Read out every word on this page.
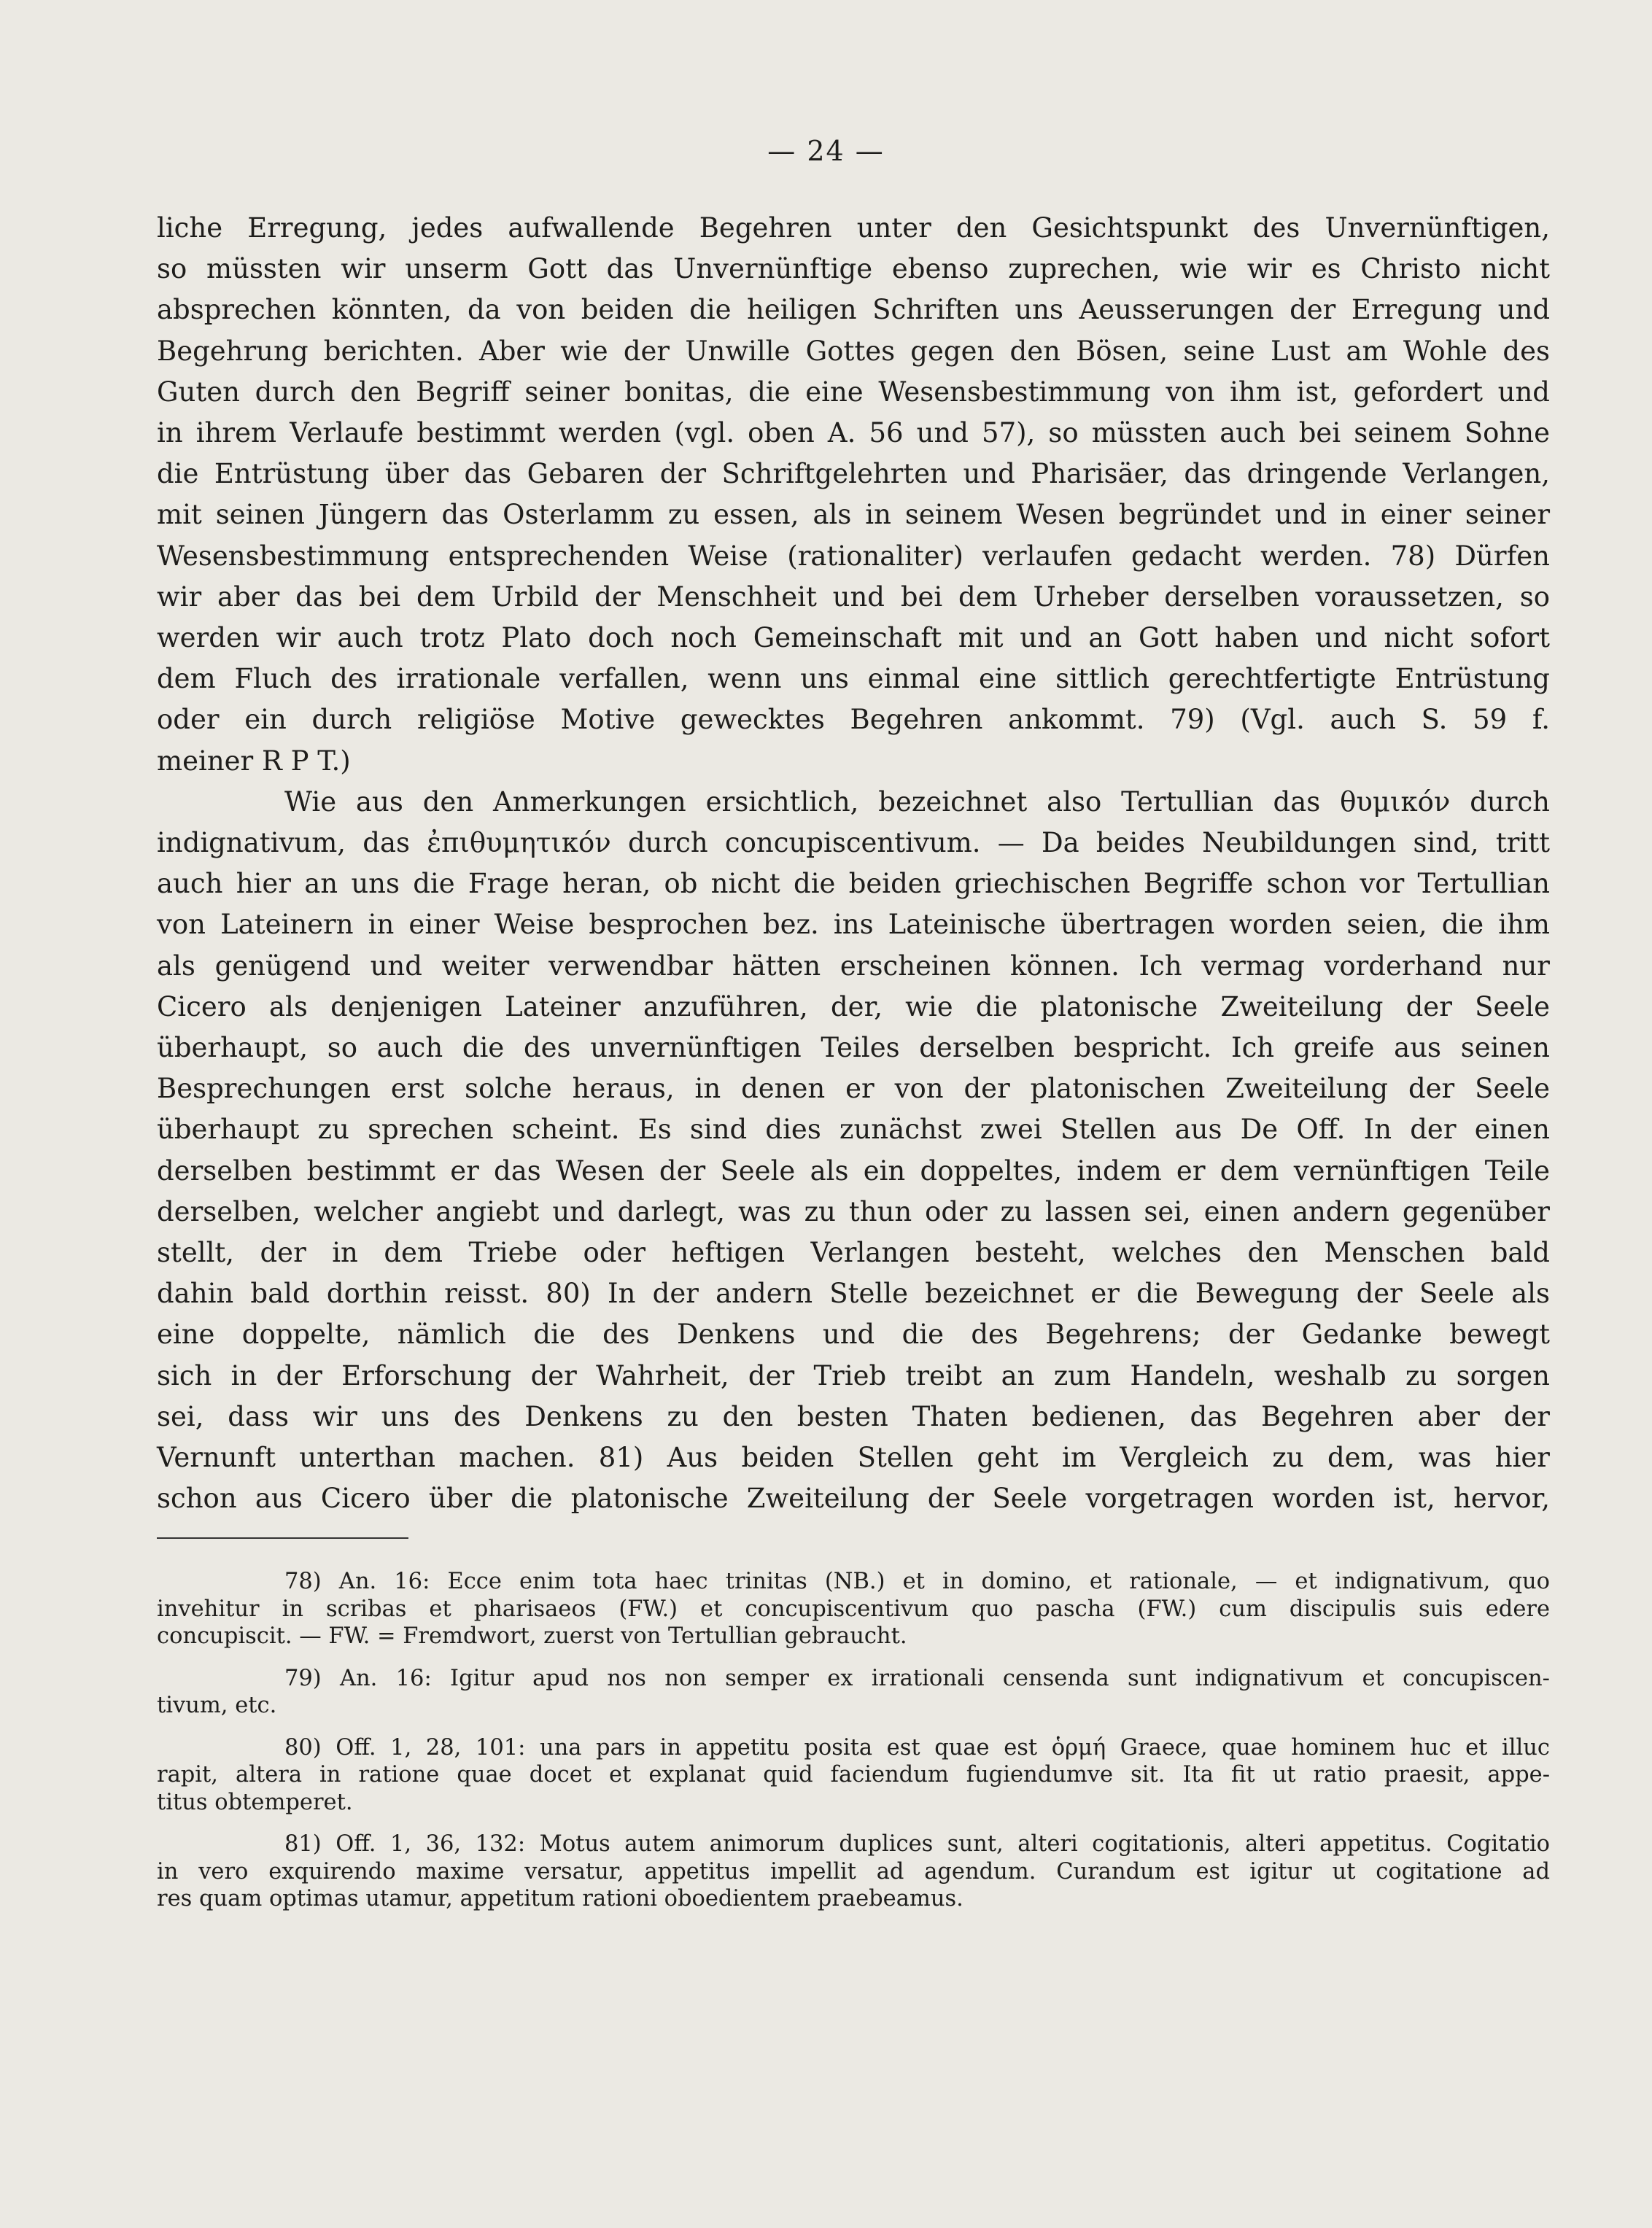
— 24 —
liche Erregung, jedes aufwallende Begehren unter den Gesichtspunkt des Unvernünftigen,
so müssten wir unserm Gott das Unvernünftige ebenso zuprechen, wie wir es Christo nicht
absprechen könnten, da von beiden die heiligen Schriften uns Aeusserungen der Erregung und
Begehrung berichten. Aber wie der Unwille Gottes gegen den Bösen, seine Lust am Wohle des
Guten durch den Begriff seiner bonitas, die eine Wesensbestimmung von ihm ist, gefordert und
in ihrem Verlaufe bestimmt werden (vgl. oben A. 56 und 57), so müssten auch bei seinem Sohne
die Entrüstung über das Gebaren der Schriftgelehrten und Pharisäer, das dringende Verlangen,
mit seinen Jüngern das Osterlamm zu essen, als in seinem Wesen begründet und in einer seiner
Wesensbestimmung entsprechenden Weise (rationaliter) verlaufen gedacht werden. 78) Dürfen
wir aber das bei dem Urbild der Menschheit und bei dem Urheber derselben voraussetzen, so
werden wir auch trotz Plato doch noch Gemeinschaft mit und an Gott haben und nicht sofort
dem Fluch des irrationale verfallen, wenn uns einmal eine sittlich gerechtfertigte Entrüstung
oder ein durch religiöse Motive gewecktes Begehren ankommt. 79) (Vgl. auch S. 59 f.
meiner R P T.)
Wie aus den Anmerkungen ersichtlich, bezeichnet also Tertullian das θυμικόν durch
indignativum, das ἐπιθυμητικόν durch concupiscentivum. — Da beides Neubildungen sind, tritt
auch hier an uns die Frage heran, ob nicht die beiden griechischen Begriffe schon vor Tertullian
von Lateinern in einer Weise besprochen bez. ins Lateinische übertragen worden seien, die ihm
als genügend und weiter verwendbar hätten erscheinen können. Ich vermag vorderhand nur
Cicero als denjenigen Lateiner anzuführen, der, wie die platonische Zweiteilung der Seele
überhaupt, so auch die des unvernünftigen Teiles derselben bespricht. Ich greife aus seinen
Besprechungen erst solche heraus, in denen er von der platonischen Zweiteilung der Seele
überhaupt zu sprechen scheint. Es sind dies zunächst zwei Stellen aus De Off. In der einen
derselben bestimmt er das Wesen der Seele als ein doppeltes, indem er dem vernünftigen Teile
derselben, welcher angiebt und darlegt, was zu thun oder zu lassen sei, einen andern gegenüber
stellt, der in dem Triebe oder heftigen Verlangen besteht, welches den Menschen bald
dahin bald dorthin reisst. 80) In der andern Stelle bezeichnet er die Bewegung der Seele als
eine doppelte, nämlich die des Denkens und die des Begehrens; der Gedanke bewegt
sich in der Erforschung der Wahrheit, der Trieb treibt an zum Handeln, weshalb zu sorgen
sei, dass wir uns des Denkens zu den besten Thaten bedienen, das Begehren aber der
Vernunft unterthan machen. 81) Aus beiden Stellen geht im Vergleich zu dem, was hier
schon aus Cicero über die platonische Zweiteilung der Seele vorgetragen worden ist, hervor,
78) An. 16: Ecce enim tota haec trinitas (NB.) et in domino, et rationale, — et indignativum, quo
invehitur in scribas et pharisaeos (FW.) et concupiscentivum quo pascha (FW.) cum discipulis suis edere
concupiscit. — FW. = Fremdwort, zuerst von Tertullian gebraucht.
79) An. 16: Igitur apud nos non semper ex irrationali censenda sunt indignativum et concupiscen-
tivum, etc.
80) Off. 1, 28, 101: una pars in appetitu posita est quae est ὁρμή Graece, quae hominem huc et illuc
rapit, altera in ratione quae docet et explanat quid faciendum fugiendumve sit. Ita fit ut ratio praesit, appe-
titus obtemperet.
81) Off. 1, 36, 132: Motus autem animorum duplices sunt, alteri cogitationis, alteri appetitus. Cogitatio
in vero exquirendo maxime versatur, appetitus impellit ad agendum. Curandum est igitur ut cogitatione ad
res quam optimas utamur, appetitum rationi oboedientem praebeamus.
